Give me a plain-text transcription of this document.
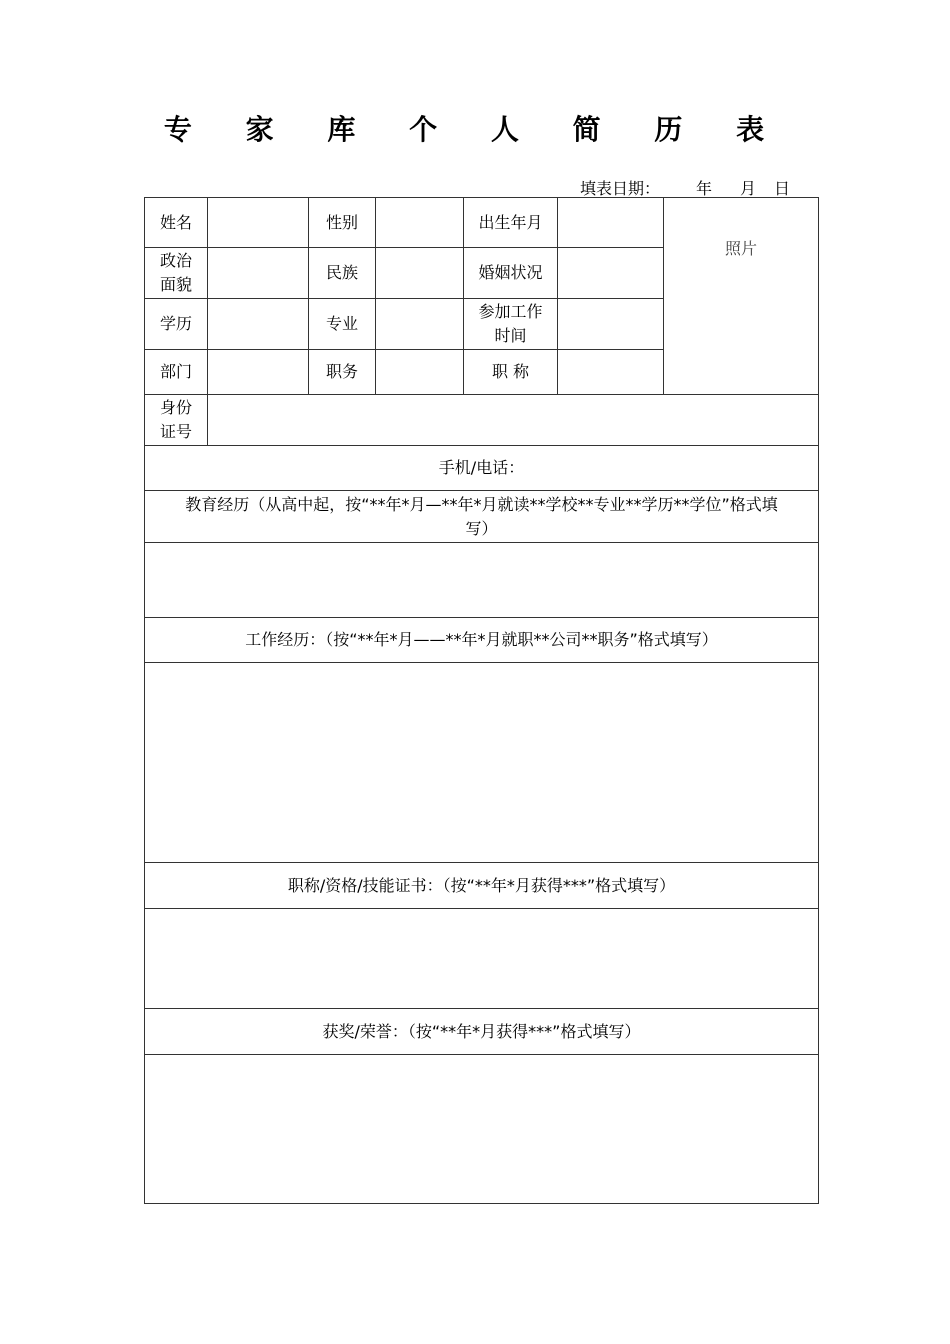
专 家 库 个 人 简 历 表
填表日期： 年 月 日
姓名		性别		出生年月		照片
政治
面貌		民族		婚姻状况		
学历		专业		参加工作
时间		
部门		职务		职 称		
身份
证号						
手机/电话：						
教育经历（从高中起，按“**年*月—**年*月就读**学校**专业**学历**学位”格式填
写）						

工作经历：（按“**年*月——**年*月就职**公司**职务”格式填写）						

职称/资格/技能证书：（按“**年*月获得***”格式填写）						

获奖/荣誉：（按“**年*月获得***”格式填写）						
